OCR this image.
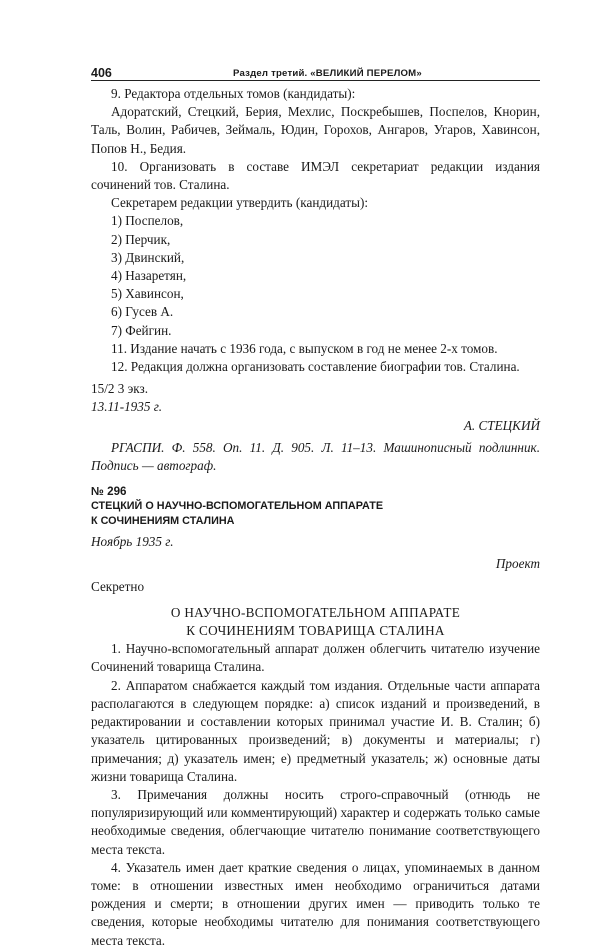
406	Раздел третий. «ВЕЛИКИЙ ПЕРЕЛОМ»

9. Редактора отдельных томов (кандидаты):

Адоратский, Стецкий, Берия, Мехлис, Поскребышев, Поспелов, Кнорин, Таль, Волин, Рабичев, Зеймаль, Юдин, Горохов, Ангаров, Угаров, Хавинсон, Попов Н., Бедия.

10. Организовать в составе ИМЭЛ секретариат редакции издания сочинений тов. Сталина.

Секретарем редакции утвердить (кандидаты):

1) Поспелов,
2) Перчик,
3) Двинский,
4) Назаретян,
5) Хавинсон,
6) Гусев А.
7) Фейгин.

11. Издание начать с 1936 года, с выпуском в год не менее 2-х томов.

12. Редакция должна организовать составление биографии тов. Сталина.

15/2 3 экз.

13.11-1935 г.

А. СТЕЦКИЙ

РГАСПИ. Ф. 558. Оп. 11. Д. 905. Л. 11–13. Машинописный подлинник. Подпись — автограф.

№ 296

СТЕЦКИЙ О НАУЧНО-ВСПОМОГАТЕЛЬНОМ АППАРАТЕ

К СОЧИНЕНИЯМ СТАЛИНА

Ноябрь 1935 г.

Проект

Секретно

О НАУЧНО-ВСПОМОГАТЕЛЬНОМ АППАРАТЕ

К СОЧИНЕНИЯМ ТОВАРИЩА СТАЛИНА

1. Научно-вспомогательный аппарат должен облегчить читателю изучение Сочинений товарища Сталина.

2. Аппаратом снабжается каждый том издания. Отдельные части аппарата располагаются в следующем порядке: а) список изданий и произведений, в редактировании и составлении которых принимал участие И. В. Сталин; б) указатель цитированных произведений; в) документы и материалы; г) примечания; д) указатель имен; е) предметный указатель; ж) основные даты жизни товарища Сталина.

3. Примечания должны носить строго-справочный (отнюдь не популяризирующий или комментирующий) характер и содержать только самые необходимые сведения, облегчающие читателю понимание соответствующего места текста.

4. Указатель имен дает краткие сведения о лицах, упоминаемых в данном томе: в отношении известных имен необходимо ограничиться датами рождения и смерти; в отношении других имен — приводить только те сведения, которые необходимы читателю для понимания соответствующего места текста.
